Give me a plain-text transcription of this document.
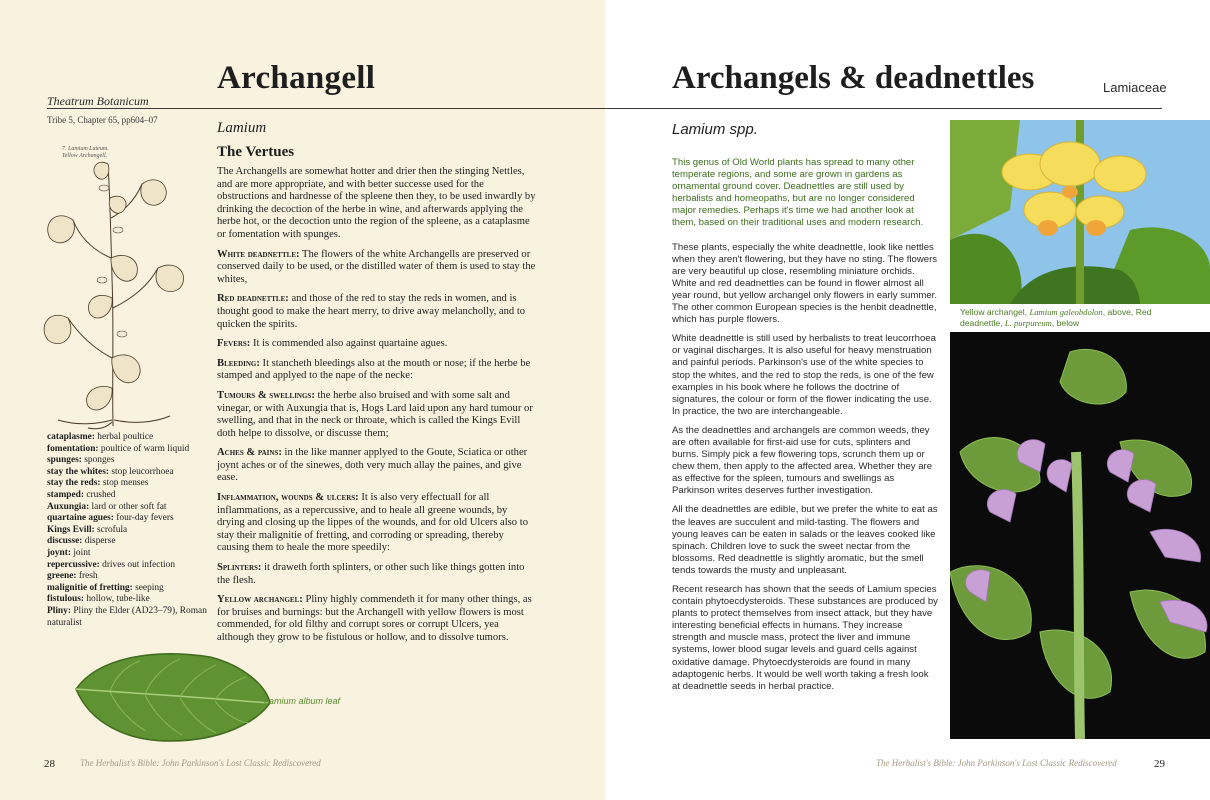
Archangell
Theatrum Botanicum
Tribe 5, Chapter 65, pp604–07
7. Lamium Luteum.
Yellow Archangell.
cataplasme: herbal poultice
fomentation: poultice of warm liquid
spunges: sponges
stay the whites: stop leucorrhoea
stay the reds: stop menses
stamped: crushed
Auxungia: lard or other soft fat
quartaine agues: four-day fevers
Kings Evill: scrofula
discusse: disperse
joynt: joint
repercussive: drives out infection
greene: fresh
malignitie of fretting: seeping
fistulous: hollow, tube-like
Pliny: Pliny the Elder (AD23–79), Roman naturalist
Lamium album leaf
Lamium
The Vertues

The Archangells are somewhat hotter and drier then the stinging Nettles, and are more appropriate, and with better successe used for the obstructions and hardnesse of the spleene then they, to be used inwardly by drinking the decoction of the herbe in wine, and afterwards applying the herbe hot, or the decoction unto the region of the spleene, as a cataplasme or fomentation with spunges.

White deadnettle: The flowers of the white Archangells are preserved or conserved daily to be used, or the distilled water of them is used to stay the whites,

Red deadnettle: and those of the red to stay the reds in women, and is thought good to make the heart merry, to drive away melancholly, and to quicken the spirits.

Fevers: It is commended also against quartaine agues.

Bleeding: It stancheth bleedings also at the mouth or nose; if the herbe be stamped and applyed to the nape of the necke:

Tumours & swellings: the herbe also bruised and with some salt and vinegar, or with Auxungia that is, Hogs Lard laid upon any hard tumour or swelling, and that in the neck or throate, which is called the Kings Evill doth helpe to dissolve, or discusse them;

Aches & pains: in the like manner applyed to the Goute, Sciatica or other joynt aches or of the sinewes, doth very much allay the paines, and give ease.

Inflammation, wounds & ulcers: It is also very effectuall for all inflammations, as a repercussive, and to heale all greene wounds, by drying and closing up the lippes of the wounds, and for old Ulcers also to stay their malignitie of fretting, and corroding or spreading, thereby causing them to heale the more speedily:

Splinters: it draweth forth splinters, or other such like things gotten into the flesh.

Yellow archangel: Pliny highly commendeth it for many other things, as for bruises and burnings: but the Archangell with yellow flowers is most commended, for old filthy and corrupt sores or corrupt Ulcers, yea although they grow to be fistulous or hollow, and to dissolve tumors.

28	The Herbalist's Bible: John Parkinson's Lost Classic Rediscovered
Archangels & deadnettles	Lamiaceae
Lamium spp.

This genus of Old World plants has spread to many other temperate regions, and some are grown in gardens as ornamental ground cover. Deadnettles are still used by herbalists and homeopaths, but are no longer considered major remedies. Perhaps it's time we had another look at them, based on their traditional uses and modern research.

These plants, especially the white deadnettle, look like nettles when they aren't flowering, but they have no sting. The flowers are very beautiful up close, resembling miniature orchids. White and red deadnettles can be found in flower almost all year round, but yellow archangel only flowers in early summer. The other common European species is the henbit deadnettle, which has purple flowers.

White deadnettle is still used by herbalists to treat leucorrhoea or vaginal discharges. It is also useful for heavy menstruation and painful periods. Parkinson's use of the white species to stop the whites, and the red to stop the reds, is one of the few examples in his book where he follows the doctrine of signatures, the colour or form of the flower indicating the use. In practice, the two are interchangeable.

As the deadnettles and archangels are common weeds, they are often available for first-aid use for cuts, splinters and burns. Simply pick a few flowering tops, scrunch them up or chew them, then apply to the affected area. Whether they are as effective for the spleen, tumours and swellings as Parkinson writes deserves further investigation.

All the deadnettles are edible, but we prefer the white to eat as the leaves are succulent and mild-tasting. The flowers and young leaves can be eaten in salads or the leaves cooked like spinach. Children love to suck the sweet nectar from the blossoms. Red deadnettle is slightly aromatic, but the smell tends towards the musty and unpleasant.

Recent research has shown that the seeds of Lamium species contain phytoecdysteroids. These substances are produced by plants to protect themselves from insect attack, but they have interesting beneficial effects in humans. They increase strength and muscle mass, protect the liver and immune systems, lower blood sugar levels and guard cells against oxidative damage. Phytoecdysteroids are found in many adaptogenic herbs. It would be well worth taking a fresh look at deadnettle seeds in herbal practice.

Yellow archangel, Lamium galeobdolon, above, Red deadnettle, L. purpureum, below
The Herbalist's Bible: John Parkinson's Lost Classic Rediscovered	29
